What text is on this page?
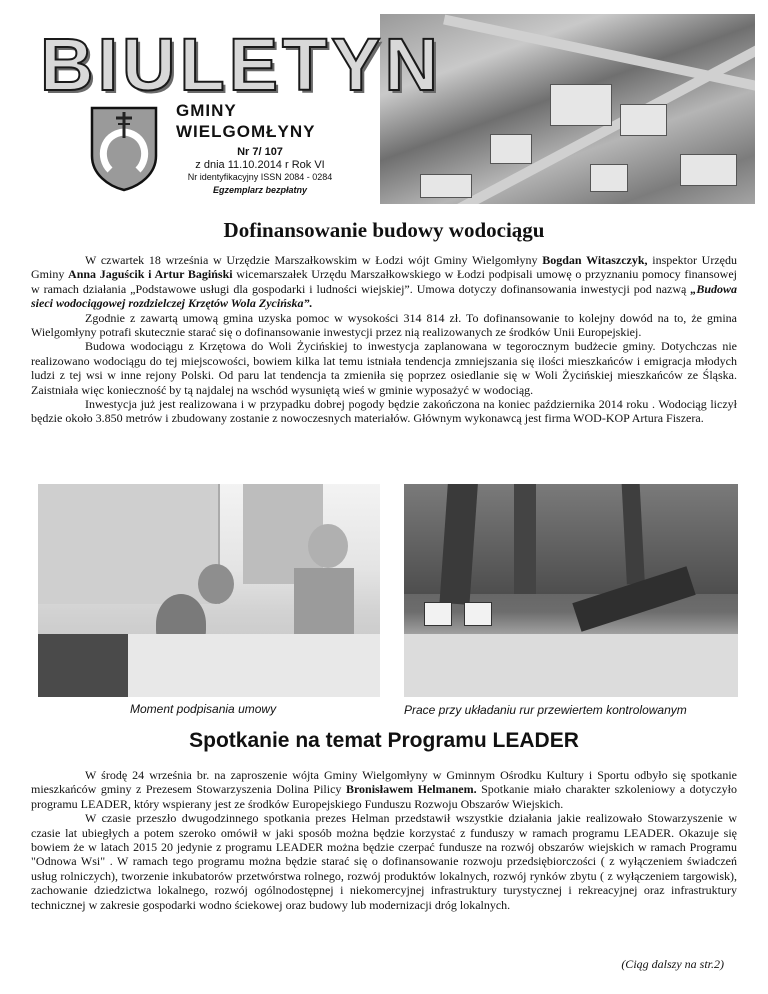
BIULETYN
GMINY
WIELGOMŁYNY
Nr 7/ 107
z dnia 11.10.2014 r Rok VI
Nr identyfikacyjny ISSN 2084 - 0284
Egzemplarz bezpłatny
Dofinansowanie budowy wodociągu

W czwartek 18 września w Urzędzie Marszałkowskim w Łodzi wójt Gminy Wielgomłyny Bogdan Witaszczyk, inspektor Urzędu Gminy Anna Jaguścik i Artur Bagiński wicemarszałek Urzędu Marszałkowskiego w Łodzi podpisali umowę o przyznaniu pomocy finansowej w ramach działania „Podstawowe usługi dla gospodarki i ludności wiejskiej”. Umowa dotyczy dofinansowania inwestycji pod nazwą „Budowa sieci wodociągowej rozdzielczej Krzętów Wola Zycińska”.

Zgodnie z zawartą umową gmina uzyska pomoc w wysokości 314 814 zł. To dofinansowanie to kolejny dowód na to, że gmina Wielgomłyny potrafi skutecznie starać się o dofinansowanie inwestycji przez nią realizowanych ze środków Unii Europejskiej.

Budowa wodociągu z Krzętowa do Woli Życińskiej to inwestycja zaplanowana w tegorocznym budżecie gminy. Dotychczas nie realizowano wodociągu do tej miejscowości, bowiem kilka lat temu istniała tendencja zmniejszania się ilości mieszkańców i emigracja młodych ludzi z tej wsi w inne rejony Polski. Od paru lat tendencja ta zmieniła się poprzez osiedlanie się w Woli Życińskiej mieszkańców ze Śląska. Zaistniała więc konieczność by tą najdalej na wschód wysuniętą wieś w gminie wyposażyć w wodociąg.

Inwestycja już jest realizowana i w przypadku dobrej pogody będzie zakończona na koniec października 2014 roku . Wodociąg liczył będzie około 3.850 metrów i zbudowany zostanie z nowoczesnych materiałów. Głównym wykonawcą jest firma WOD-KOP Artura Fiszera.

Moment podpisania umowy	Prace przy układaniu rur przewiertem kontrolowanym
Spotkanie na temat Programu LEADER

W środę 24 września br. na zaproszenie wójta Gminy Wielgomłyny w Gminnym Ośrodku Kultury i Sportu odbyło się spotkanie mieszkańców gminy z Prezesem Stowarzyszenia Dolina Pilicy Bronisławem Helmanem. Spotkanie miało charakter szkoleniowy a dotyczyło programu LEADER, który wspierany jest ze środków Europejskiego Funduszu Rozwoju Obszarów Wiejskich.

W czasie przeszło dwugodzinnego spotkania prezes Helman przedstawił wszystkie działania jakie realizowało Stowarzyszenie w czasie lat ubiegłych a potem szeroko omówił w jaki sposób można będzie korzystać z funduszy w ramach programu LEADER. Okazuje się bowiem że w latach 2015 20 jedynie z programu LEADER można będzie czerpać fundusze na rozwój obszarów wiejskich w ramach Programu "Odnowa Wsi" . W ramach tego programu można będzie starać się o dofinansowanie rozwoju przedsiębiorczości ( z wyłączeniem świadczeń usług rolniczych), tworzenie inkubatorów przetwórstwa rolnego, rozwój produktów lokalnych, rozwój rynków zbytu ( z wyłączeniem targowisk), zachowanie dziedzictwa lokalnego, rozwój ogólnodostępnej i niekomercyjnej infrastruktury turystycznej i rekreacyjnej oraz infrastruktury technicznej w zakresie gospodarki wodno ściekowej oraz budowy lub modernizacji dróg lokalnych.

(Ciąg dalszy na str.2)
